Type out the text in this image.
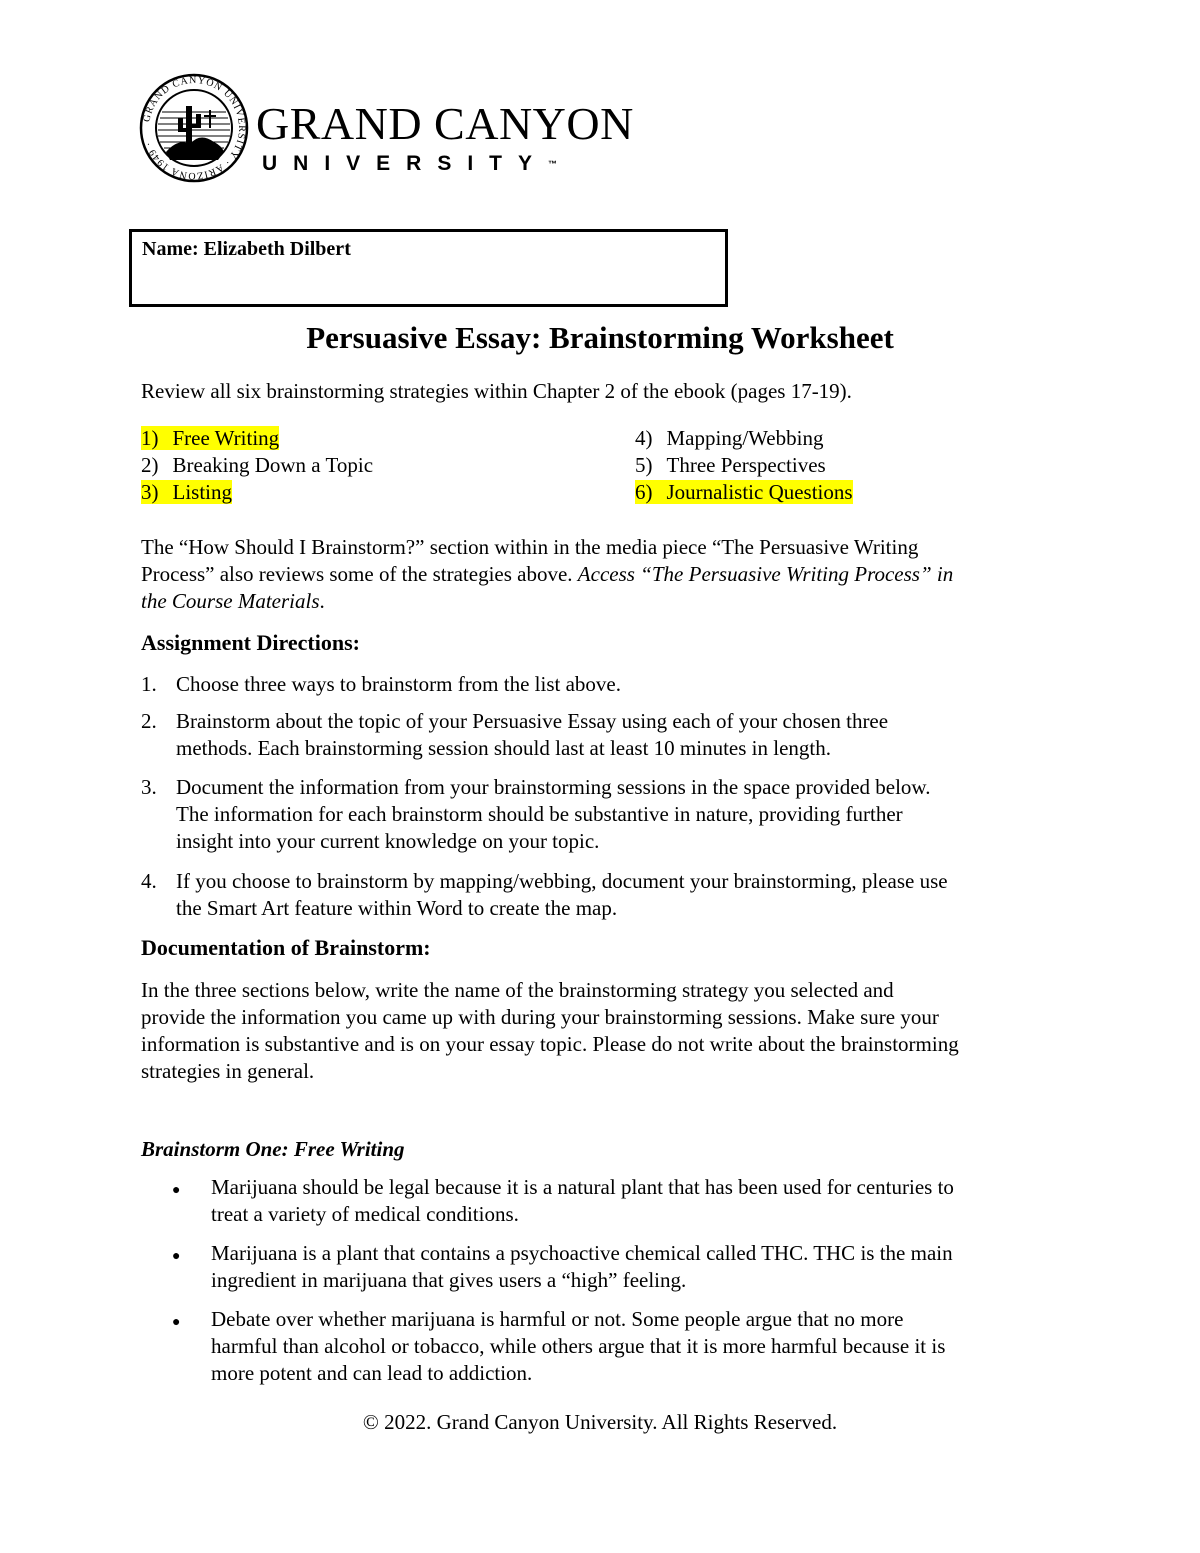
GRAND CANYON UNIVERSITY · ARIZONA 1949 ·	GRAND CANYON
UNIVERSITY™
Name: Elizabeth Dilbert
Persuasive Essay: Brainstorming Worksheet
Review all six brainstorming strategies within Chapter 2 of the ebook (pages 17-19).
1) Free Writing
2) Breaking Down a Topic
3) Listing
4) Mapping/Webbing
5) Three Perspectives
6) Journalistic Questions
The “How Should I Brainstorm?” section within in the media piece “The Persuasive Writing
Process” also reviews some of the strategies above. Access “The Persuasive Writing Process” in
the Course Materials.
Assignment Directions:
1. Choose three ways to brainstorm from the list above.
2. Brainstorm about the topic of your Persuasive Essay using each of your chosen three
methods. Each brainstorming session should last at least 10 minutes in length.
3. Document the information from your brainstorming sessions in the space provided below.
The information for each brainstorm should be substantive in nature, providing further
insight into your current knowledge on your topic.
4. If you choose to brainstorm by mapping/webbing, document your brainstorming, please use
the Smart Art feature within Word to create the map.
Documentation of Brainstorm:
In the three sections below, write the name of the brainstorming strategy you selected and
provide the information you came up with during your brainstorming sessions. Make sure your
information is substantive and is on your essay topic. Please do not write about the brainstorming
strategies in general.
Brainstorm One: Free Writing
● Marijuana should be legal because it is a natural plant that has been used for centuries to
treat a variety of medical conditions.
● Marijuana is a plant that contains a psychoactive chemical called THC. THC is the main
ingredient in marijuana that gives users a “high” feeling.
● Debate over whether marijuana is harmful or not. Some people argue that no more
harmful than alcohol or tobacco, while others argue that it is more harmful because it is
more potent and can lead to addiction.
© 2022. Grand Canyon University. All Rights Reserved.
